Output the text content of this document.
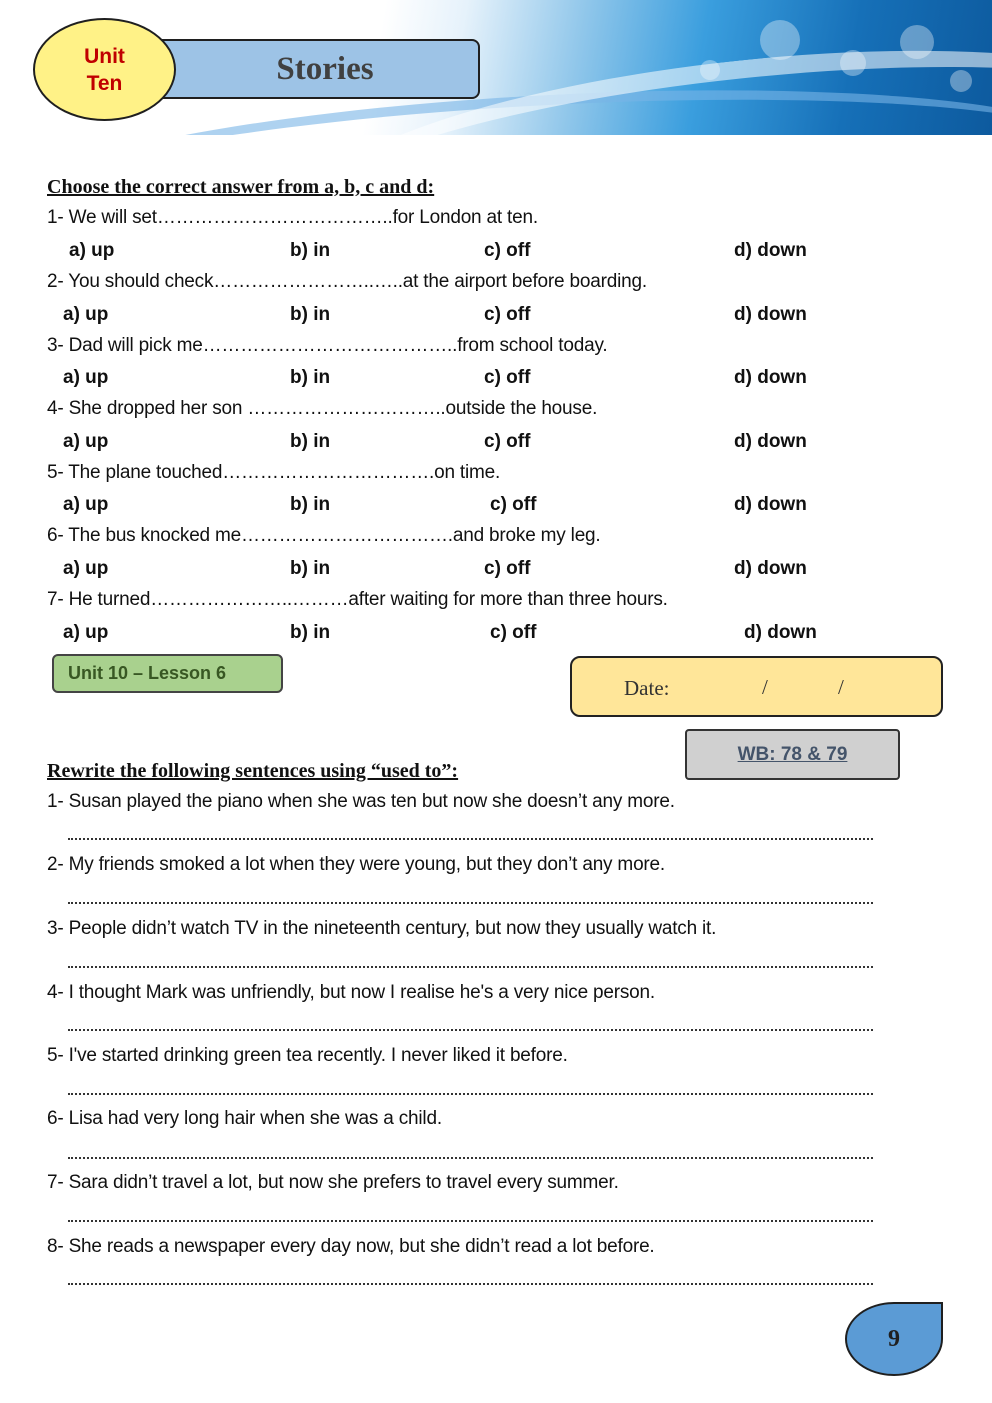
Stories
Unit
Ten
Choose the correct answer from a, b, c and d:
1- We will set………………………………..for London at ten.
a) up	b) in	c) off	d) down
2- You should check……………………..…..at the airport before boarding.
a) up	b) in	c) off	d) down
3- Dad will pick me…………………………………..from school today.
a) up	b) in	c) off	d) down
4- She dropped her son …………………………..outside the house.
a) up	b) in	c) off	d) down
5- The plane touched…………………………….on time.
a) up	b) in	c) off	d) down
6- The bus knocked me…………………………….and broke my leg.
a) up	b) in	c) off	d) down
7- He turned…………………..………after waiting for more than three hours.
a) up	b) in	c) off	d) down
Unit 10 – Lesson 6
Date:	/	/
WB: 78 & 79
Rewrite the following sentences using “used to”:
1- Susan played the piano when she was ten but now she doesn’t any more.
2- My friends smoked a lot when they were young, but they don’t any more.
3- People didn’t watch TV in the nineteenth century, but now they usually watch it.
4- I thought Mark was unfriendly, but now I realise he's a very nice person.
5- I've started drinking green tea recently. I never liked it before.
6- Lisa had very long hair when she was a child.
7- Sara didn’t travel a lot, but now she prefers to travel every summer.
8- She reads a newspaper every day now, but she didn’t read a lot before.
9
